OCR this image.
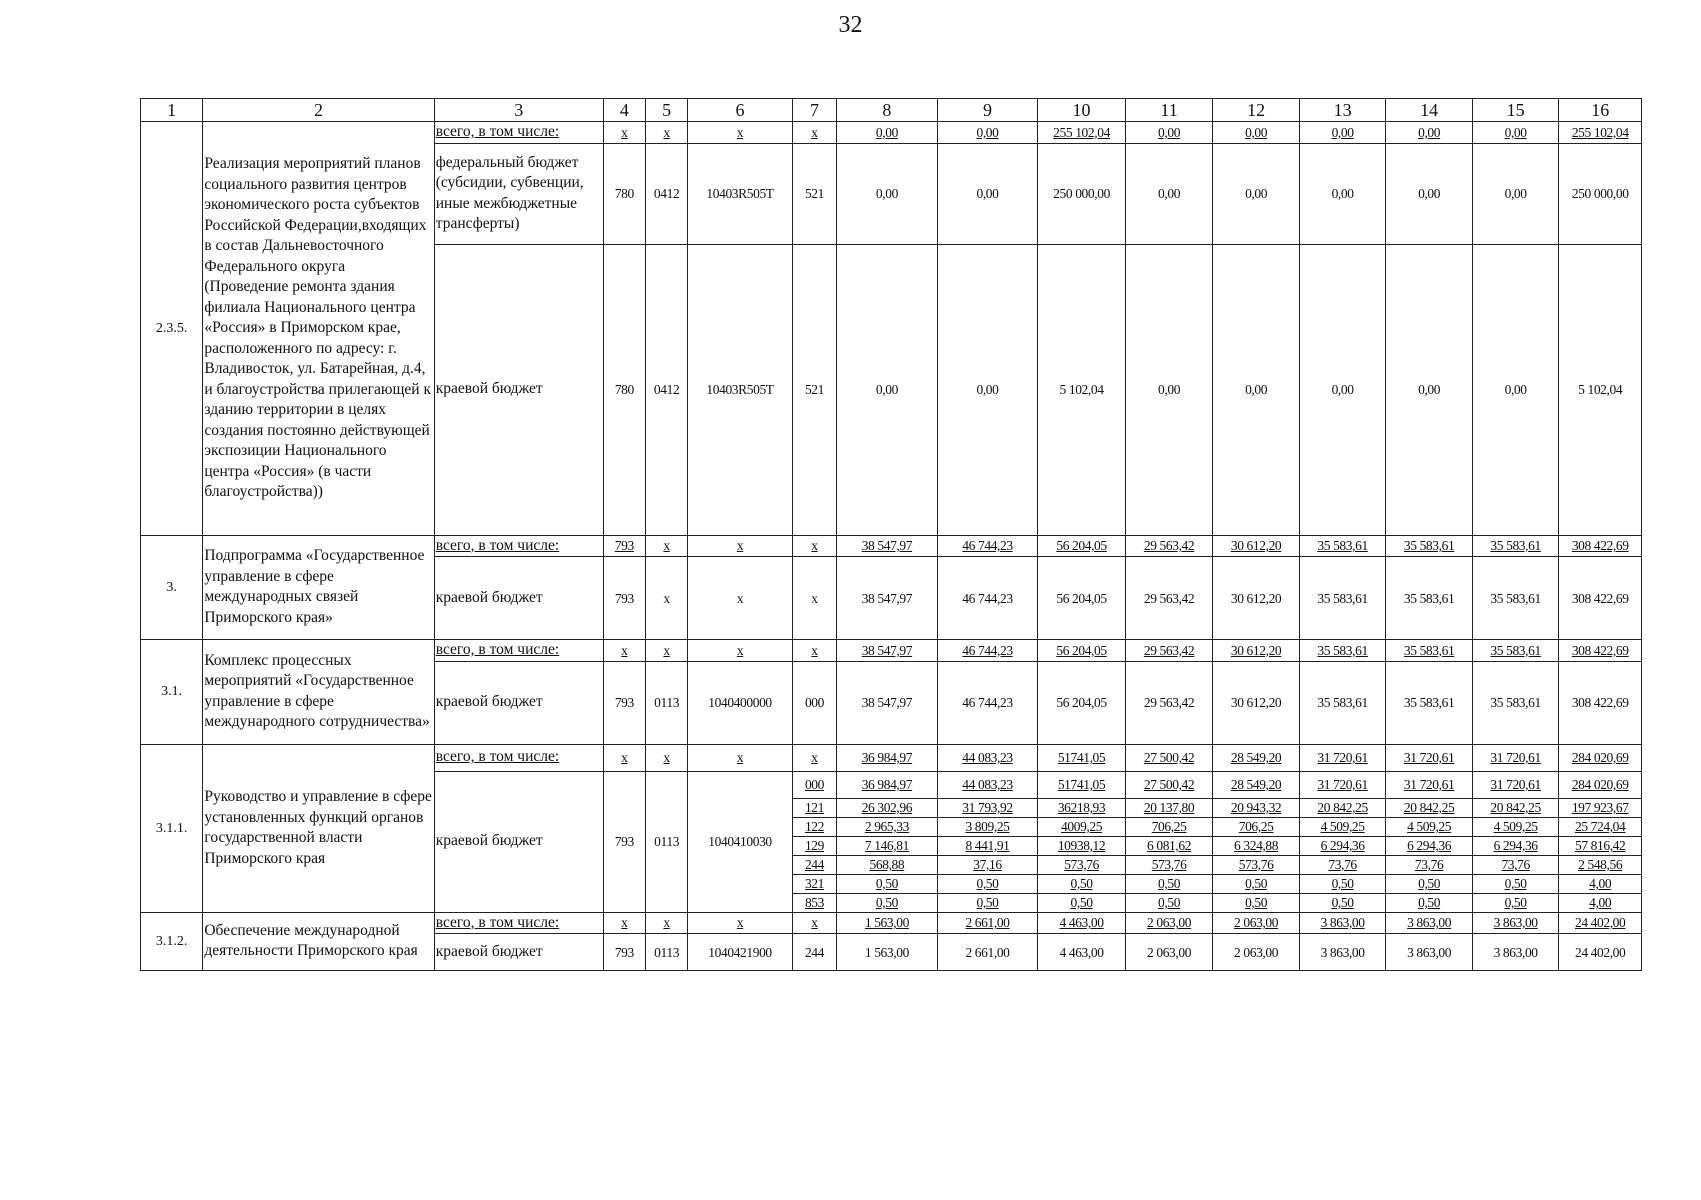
32
1	2	3	4	5	6	7	8	9	10	11	12	13	14	15	16
2.3.5.	Реализация мероприятий планов социального развития центров экономического роста субъектов Российской Федерации,входящих в состав Дальневосточного Федерального округа (Проведение ремонта здания филиала Национального центра «Россия» в Приморском крае, расположенного по адресу: г. Владивосток, ул. Батарейная, д.4, и благоустройства прилегающей к зданию территории в целях создания постоянно действующей экспозиции Национального центра «Россия» (в части благоустройства))	всего, в том числе:	х	х	х	х	0,00	0,00	255 102,04	0,00	0,00	0,00	0,00	0,00	255 102,04
		федеральный бюджет (субсидии, субвенции, иные межбюджетные трансферты)	780	0412	10403R505T	521	0,00	0,00	250 000,00	0,00	0,00	0,00	0,00	0,00	250 000,00
		краевой бюджет	780	0412	10403R505T	521	0,00	0,00	5 102,04	0,00	0,00	0,00	0,00	0,00	5 102,04
3.	Подпрограмма «Государственное управление в сфере международных связей Приморского края»	всего, в том числе:	793	х	х	х	38 547,97	46 744,23	56 204,05	29 563,42	30 612,20	35 583,61	35 583,61	35 583,61	308 422,69
		краевой бюджет	793	х	х	х	38 547,97	46 744,23	56 204,05	29 563,42	30 612,20	35 583,61	35 583,61	35 583,61	308 422,69
3.1.	Комплекс процессных мероприятий «Государственное управление в сфере международного сотрудничества»	всего, в том числе:	х	х	х	х	38 547,97	46 744,23	56 204,05	29 563,42	30 612,20	35 583,61	35 583,61	35 583,61	308 422,69
		краевой бюджет	793	0113	1040400000	000	38 547,97	46 744,23	56 204,05	29 563,42	30 612,20	35 583,61	35 583,61	35 583,61	308 422,69
3.1.1.	Руководство и управление в сфере установленных функций органов государственной власти Приморского края	всего, в том числе:	х	х	х	х	36 984,97	44 083,23	51741,05	27 500,42	28 549,20	31 720,61	31 720,61	31 720,61	284 020,69
		краевой бюджет	793	0113	1040410030	000	36 984,97	44 083,23	51741,05	27 500,42	28 549,20	31 720,61	31 720,61	31 720,61	284 020,69
						121	26 302,96	31 793,92	36218,93	20 137,80	20 943,32	20 842,25	20 842,25	20 842,25	197 923,67
						122	2 965,33	3 809,25	4009,25	706,25	706,25	4 509,25	4 509,25	4 509,25	25 724,04
						129	7 146,81	8 441,91	10938,12	6 081,62	6 324,88	6 294,36	6 294,36	6 294,36	57 816,42
						244	568,88	37,16	573,76	573,76	573,76	73,76	73,76	73,76	2 548,56
						321	0,50	0,50	0,50	0,50	0,50	0,50	0,50	0,50	4,00
						853	0,50	0,50	0,50	0,50	0,50	0,50	0,50	0,50	4,00
3.1.2.	Обеспечение международной деятельности Приморского края	всего, в том числе:	х	х	х	х	1 563,00	2 661,00	4 463,00	2 063,00	2 063,00	3 863,00	3 863,00	3 863,00	24 402,00
		краевой бюджет	793	0113	1040421900	244	1 563,00	2 661,00	4 463,00	2 063,00	2 063,00	3 863,00	3 863,00	3 863,00	24 402,00
